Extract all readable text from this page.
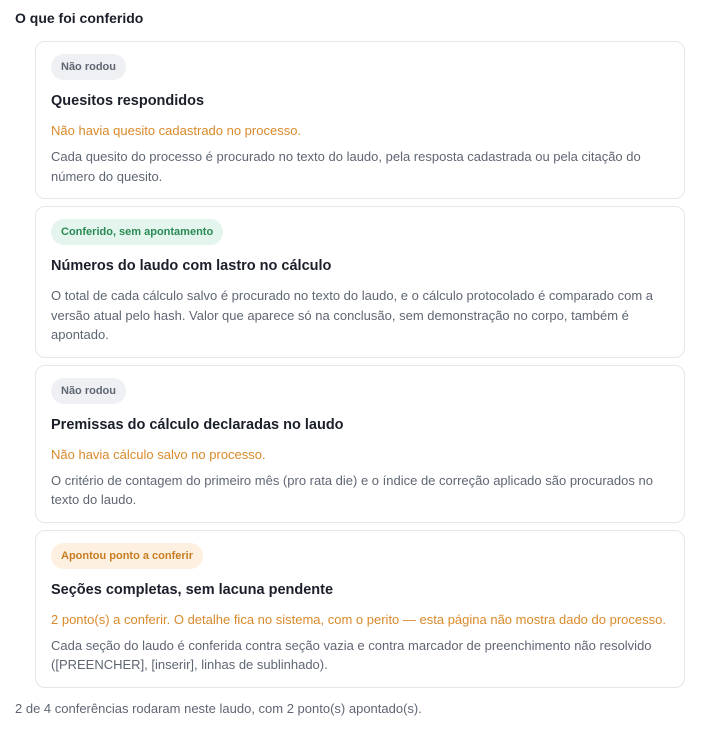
O que foi conferido
Não rodou
Quesitos respondidos

Não havia quesito cadastrado no processo.

Cada quesito do processo é procurado no texto do laudo, pela resposta cadastrada ou pela citação do número do quesito.

Conferido, sem apontamento
Números do laudo com lastro no cálculo

O total de cada cálculo salvo é procurado no texto do laudo, e o cálculo protocolado é comparado com a versão atual pelo hash. Valor que aparece só na conclusão, sem demonstração no corpo, também é apontado.

Não rodou
Premissas do cálculo declaradas no laudo

Não havia cálculo salvo no processo.

O critério de contagem do primeiro mês (pro rata die) e o índice de correção aplicado são procurados no texto do laudo.

Apontou ponto a conferir
Seções completas, sem lacuna pendente

2 ponto(s) a conferir. O detalhe fica no sistema, com o perito — esta página não mostra dado do processo.

Cada seção do laudo é conferida contra seção vazia e contra marcador de preenchimento não resolvido ([PREENCHER], [inserir], linhas de sublinhado).

2 de 4 conferências rodaram neste laudo, com 2 ponto(s) apontado(s).
